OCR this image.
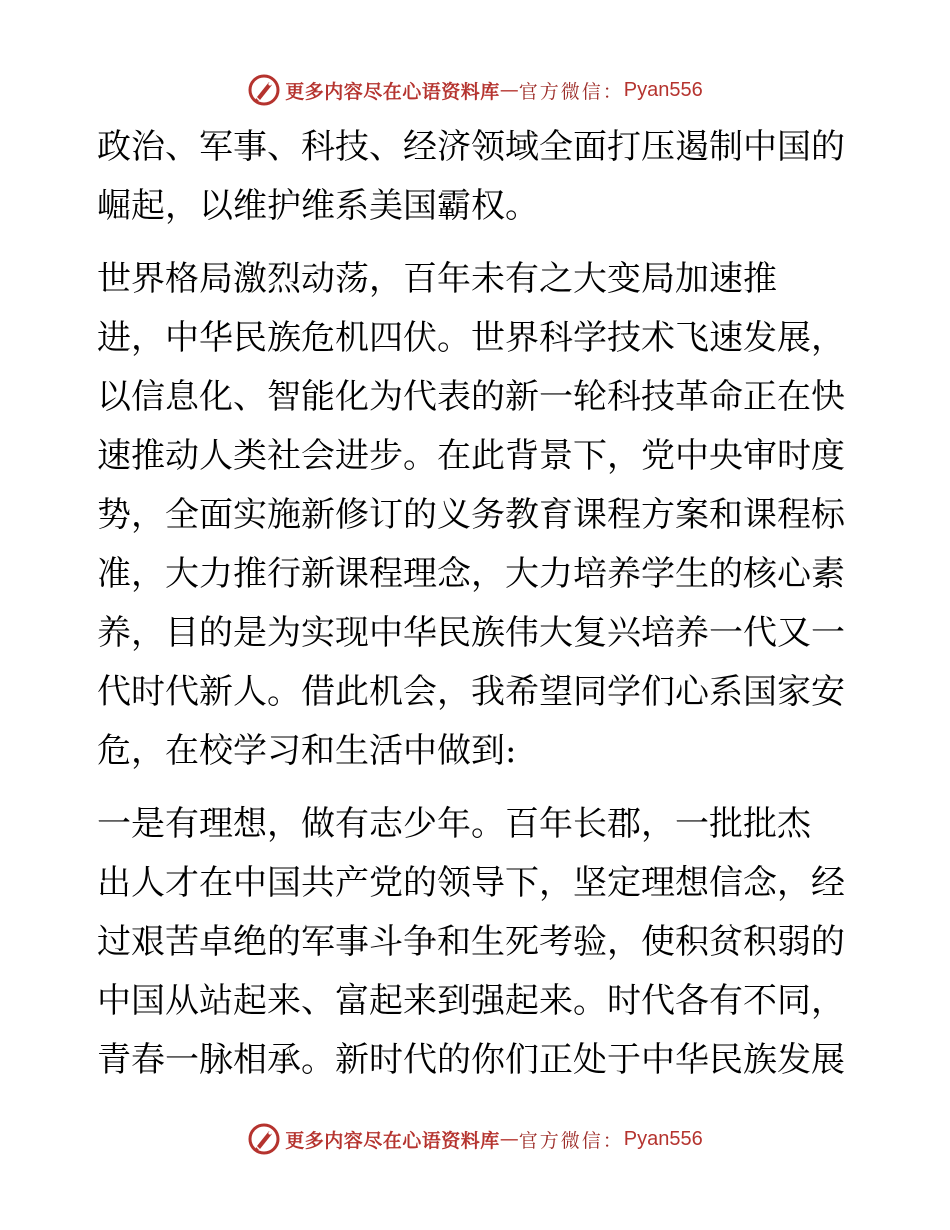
更多内容尽在心语资料库 — 官方微信 ： Pyan556

政治、军事、科技、经济领域全面打压遏制中国的
崛起，以维护维系美国霸权。

世界格局激烈动荡，百年未有之大变局加速推
进，中华民族危机四伏。世界科学技术飞速发展，
以信息化、智能化为代表的新一轮科技革命正在快
速推动人类社会进步。在此背景下，党中央审时度
势，全面实施新修订的义务教育课程方案和课程标
准，大力推行新课程理念，大力培养学生的核心素
养，目的是为实现中华民族伟大复兴培养一代又一
代时代新人。借此机会，我希望同学们心系国家安
危，在校学习和生活中做到:

一是有理想，做有志少年。百年长郡，一批批杰
出人才在中国共产党的领导下，坚定理想信念，经
过艰苦卓绝的军事斗争和生死考验，使积贫积弱的
中国从站起来、富起来到强起来。时代各有不同，
青春一脉相承。新时代的你们正处于中华民族发展

更多内容尽在心语资料库 — 官方微信 ： Pyan556
